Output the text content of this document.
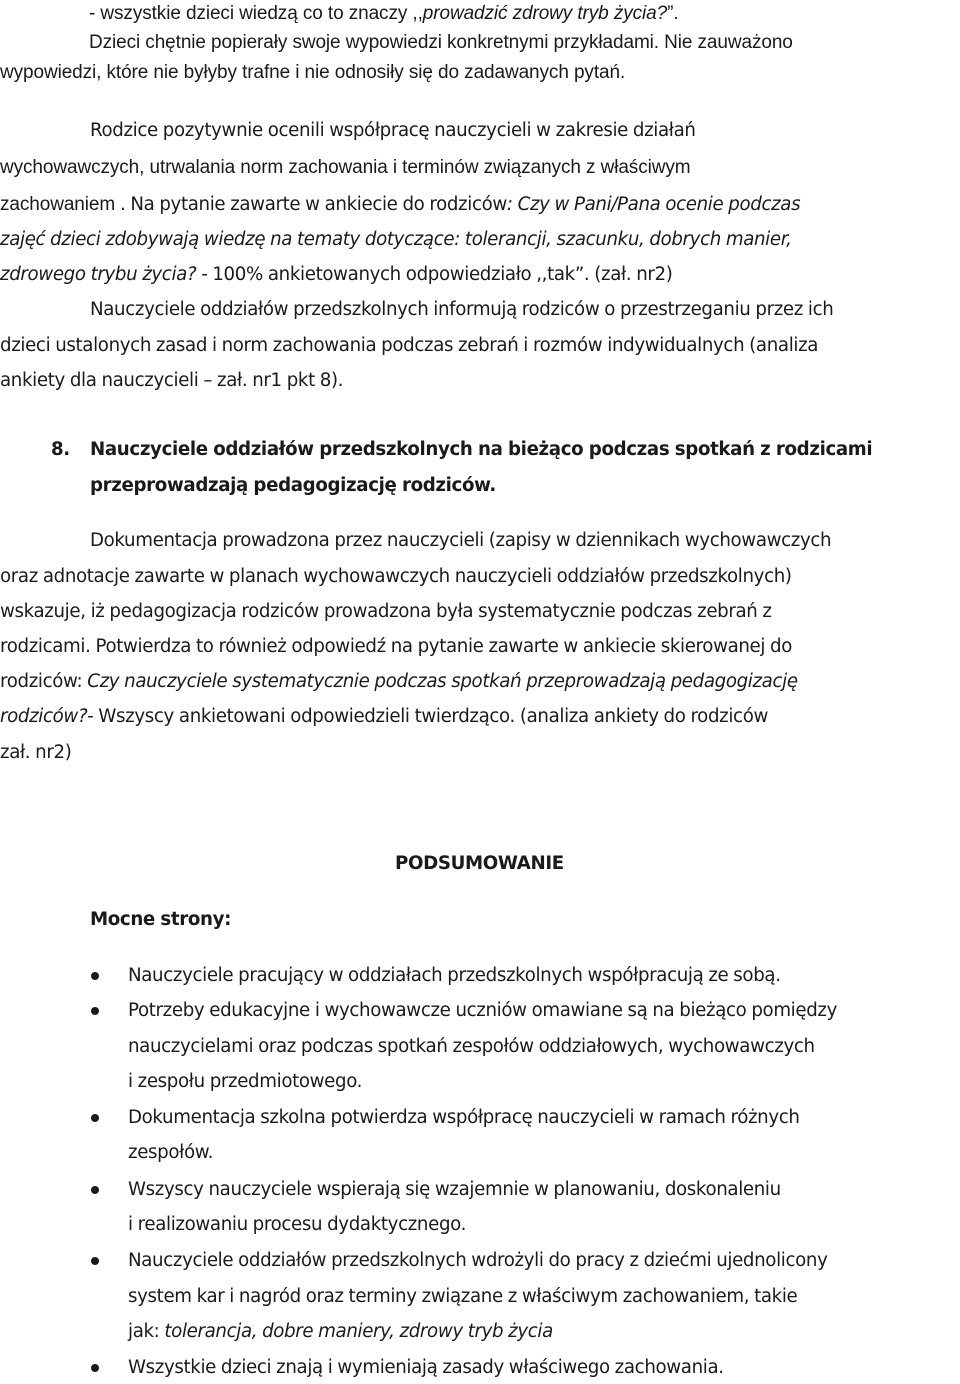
- wszystkie dzieci wiedzą co to znaczy ,,prowadzić zdrowy tryb życia?”.
Dzieci chętnie popierały swoje wypowiedzi konkretnymi przykładami. Nie zauważono
wypowiedzi, które nie byłyby trafne i nie odnosiły się do zadawanych pytań.
Rodzice pozytywnie ocenili współpracę nauczycieli w zakresie działań
wychowawczych, utrwalania norm zachowania i terminów związanych z właściwym
zachowaniem . Na pytanie zawarte w ankiecie do rodziców: Czy w Pani/Pana ocenie podczas
zajęć dzieci zdobywają wiedzę na tematy dotyczące: tolerancji, szacunku, dobrych manier,
zdrowego trybu życia? - 100% ankietowanych odpowiedziało ,,tak”. (zał. nr2)
Nauczyciele oddziałów przedszkolnych informują rodziców o przestrzeganiu przez ich
dzieci ustalonych zasad i norm zachowania podczas zebrań i rozmów indywidualnych (analiza
ankiety dla nauczycieli – zał. nr1 pkt 8).
8. Nauczyciele oddziałów przedszkolnych na bieżąco podczas spotkań z rodzicami
przeprowadzają pedagogizację rodziców.
Dokumentacja prowadzona przez nauczycieli (zapisy w dziennikach wychowawczych
oraz adnotacje zawarte w planach wychowawczych nauczycieli oddziałów przedszkolnych)
wskazuje, iż pedagogizacja rodziców prowadzona była systematycznie podczas zebrań z
rodzicami. Potwierdza to również odpowiedź na pytanie zawarte w ankiecie skierowanej do
rodziców: Czy nauczyciele systematycznie podczas spotkań przeprowadzają pedagogizację
rodziców?- Wszyscy ankietowani odpowiedzieli twierdząco. (analiza ankiety do rodziców
zał. nr2)
PODSUMOWANIE
Mocne strony:
Nauczyciele pracujący w oddziałach przedszkolnych współpracują ze sobą.
Potrzeby edukacyjne i wychowawcze uczniów omawiane są na bieżąco pomiędzy
nauczycielami oraz podczas spotkań zespołów oddziałowych, wychowawczych
i zespołu przedmiotowego.
Dokumentacja szkolna potwierdza współpracę nauczycieli w ramach różnych
zespołów.
Wszyscy nauczyciele wspierają się wzajemnie w planowaniu, doskonaleniu
i realizowaniu procesu dydaktycznego.
Nauczyciele oddziałów przedszkolnych wdrożyli do pracy z dziećmi ujednolicony
system kar i nagród oraz terminy związane z właściwym zachowaniem, takie
jak: tolerancja, dobre maniery, zdrowy tryb życia
Wszystkie dzieci znają i wymieniają zasady właściwego zachowania.
